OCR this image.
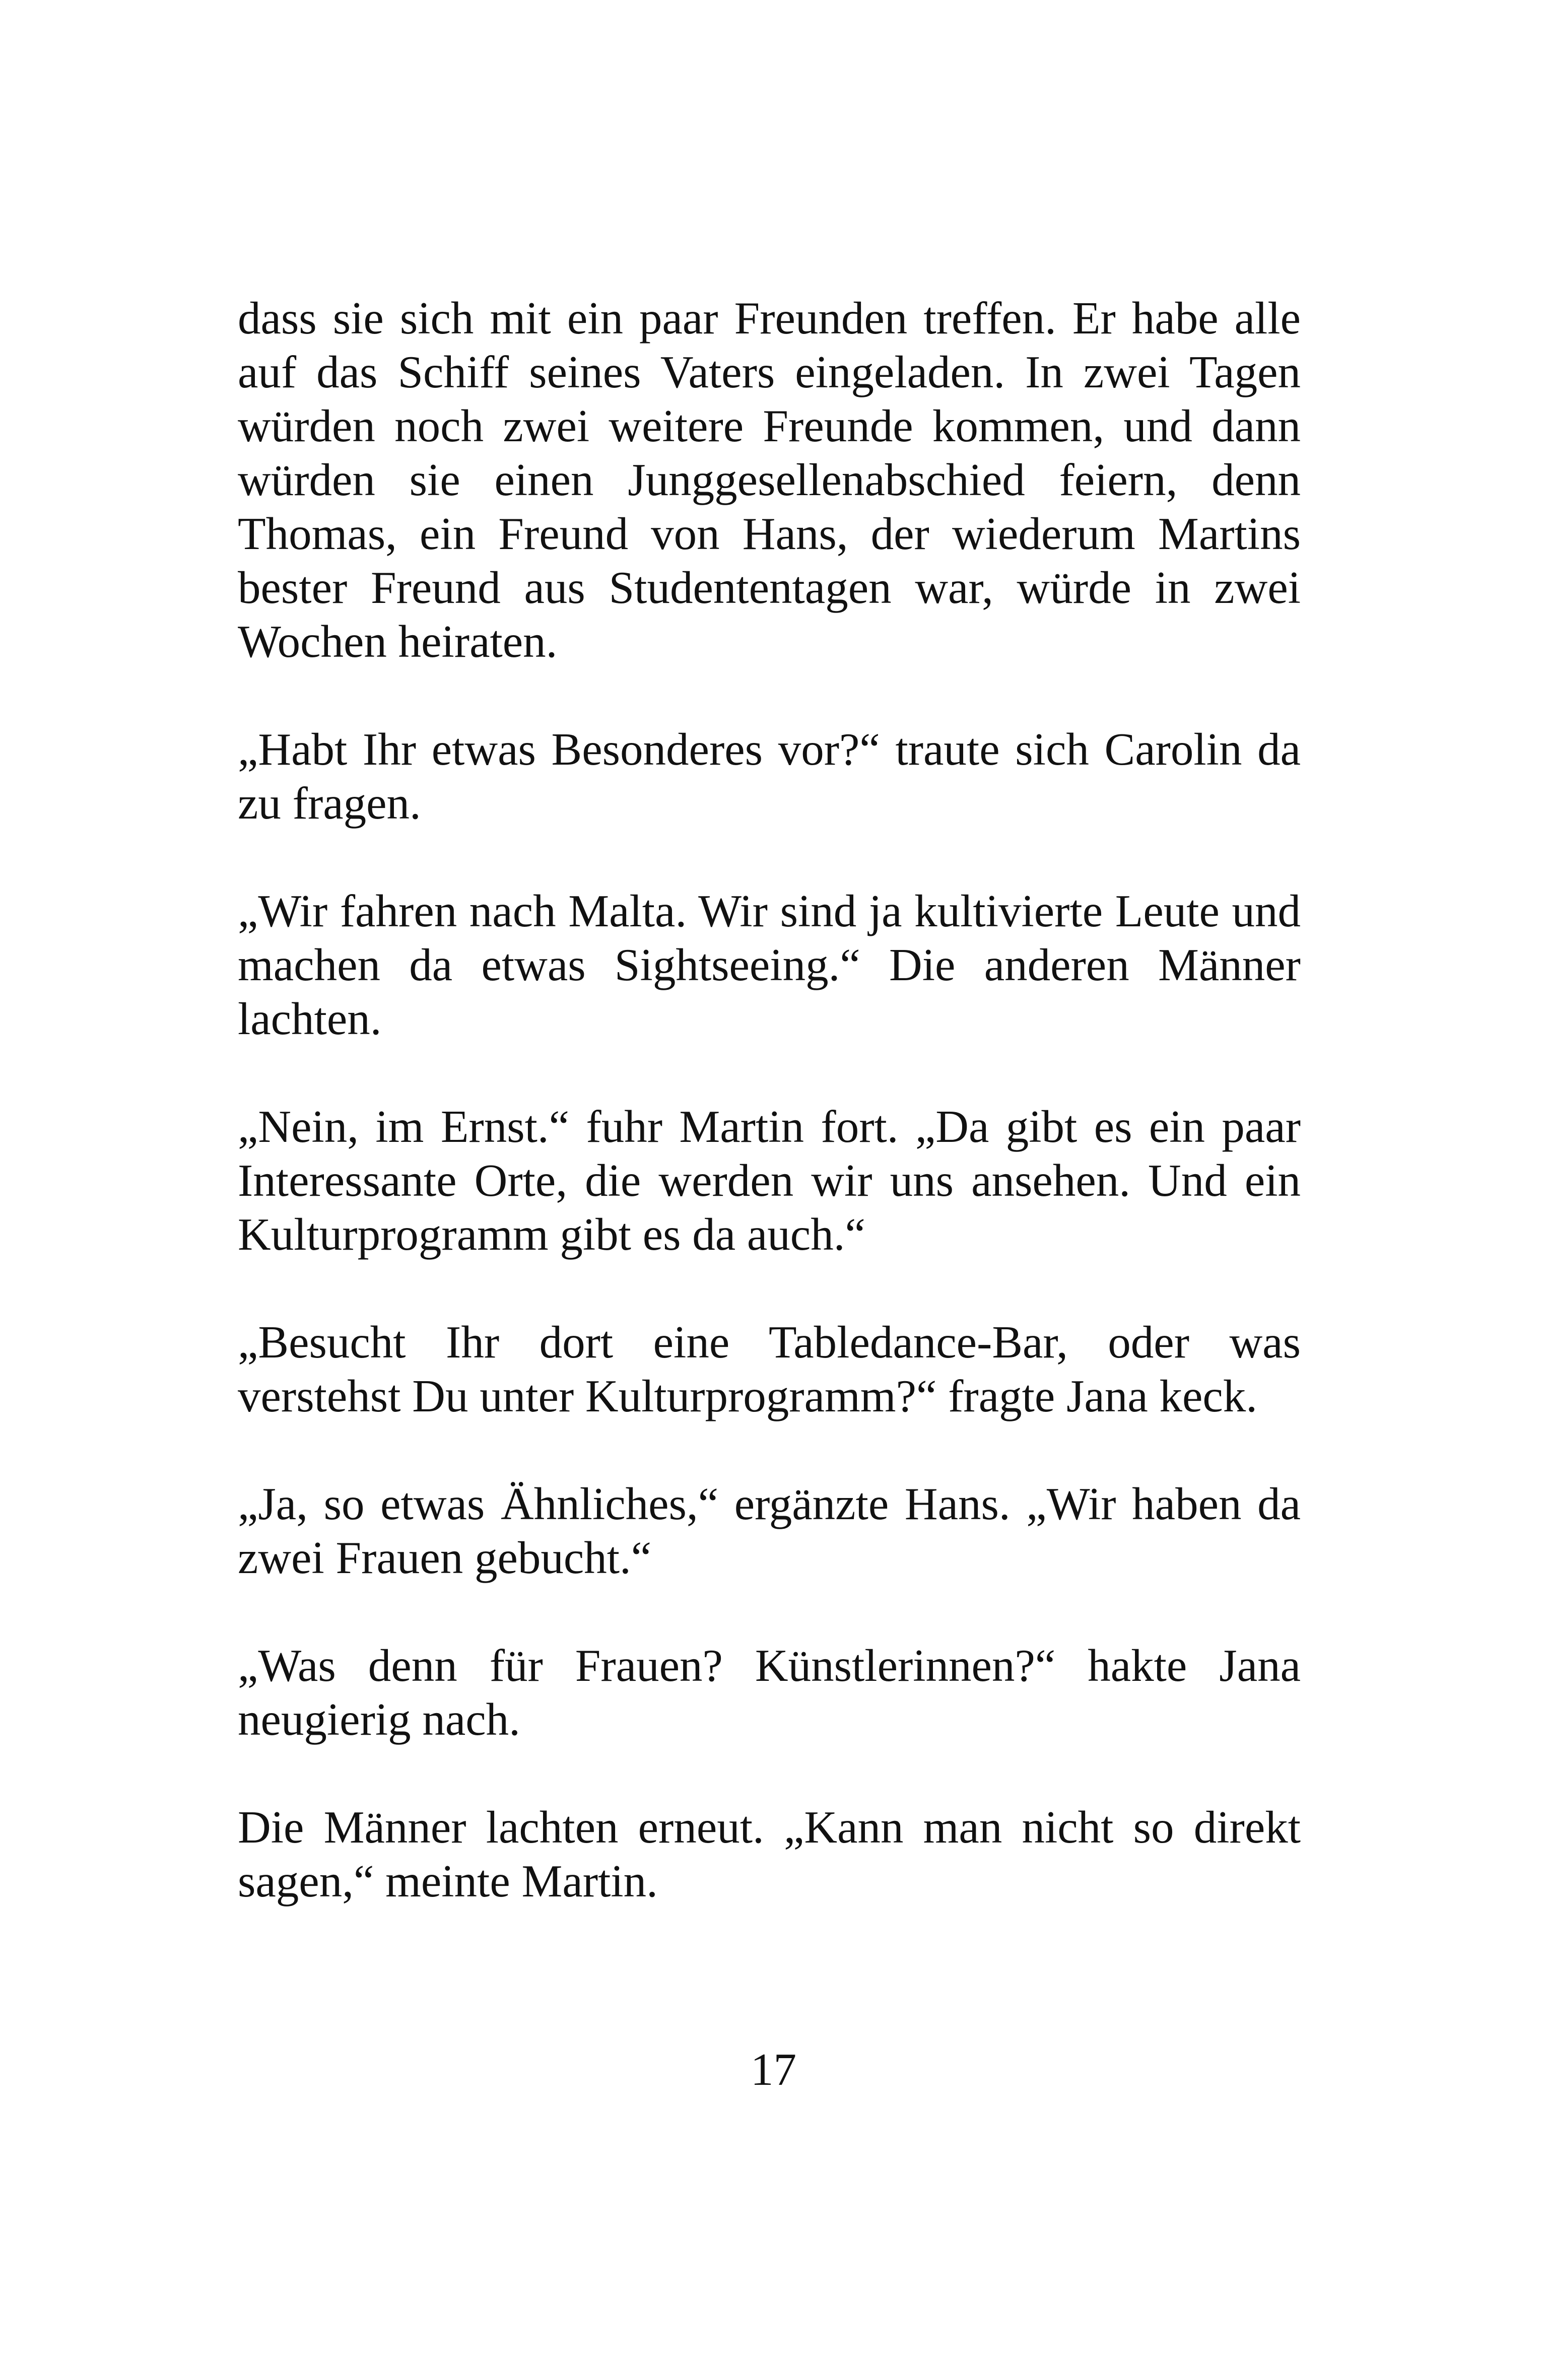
dass sie sich mit ein paar Freunden treffen. Er habe alle auf das Schiff seines Vaters eingeladen. In zwei Tagen würden noch zwei weitere Freunde kommen, und dann würden sie einen Junggesellenabschied feiern, denn Thomas, ein Freund von Hans, der wiederum Martins bester Freund aus Studententagen war, würde in zwei Wochen heiraten.

„Habt Ihr etwas Besonderes vor?“ traute sich Carolin da zu fragen.

„Wir fahren nach Malta. Wir sind ja kultivierte Leute und machen da etwas Sightseeing.“ Die anderen Männer lachten.

„Nein, im Ernst.“ fuhr Martin fort. „Da gibt es ein paar Interessante Orte, die werden wir uns ansehen. Und ein Kulturprogramm gibt es da auch.“

„Besucht Ihr dort eine Tabledance-Bar, oder was verstehst Du unter Kulturprogramm?“ fragte Jana keck.

„Ja, so etwas Ähnliches,“ ergänzte Hans. „Wir haben da zwei Frauen gebucht.“

„Was denn für Frauen? Künstlerinnen?“ hakte Jana neugierig nach.

Die Männer lachten erneut. „Kann man nicht so direkt sagen,“ meinte Martin.

17
